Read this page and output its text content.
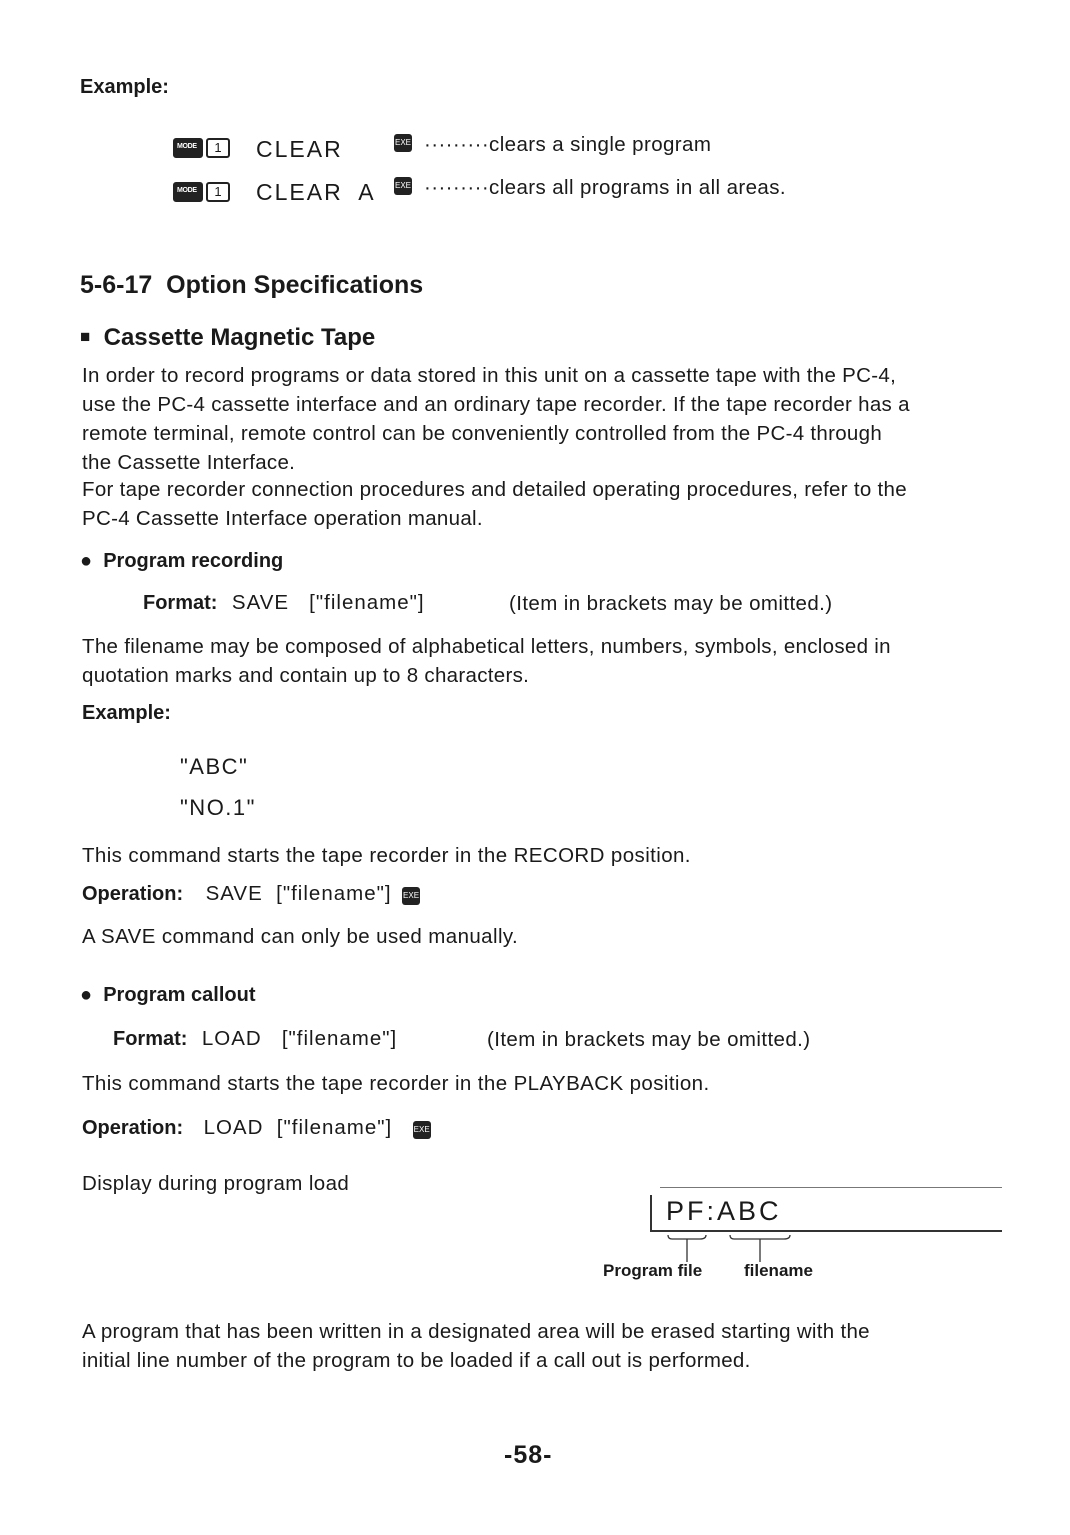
Example:
MODE1	CLEAR	EXE ·········clears a single program
MODE1	CLEAR  A EXE ·········clears all programs in all areas.
5-6-17 Option Specifications
■ Cassette Magnetic Tape
In order to record programs or data stored in this unit on a cassette tape with the PC-4,
use the PC-4 cassette interface and an ordinary tape recorder. If the tape recorder has a
remote terminal, remote control can be conveniently controlled from the PC-4 through
the Cassette Interface.
For tape recorder connection procedures and detailed operating procedures, refer to the
PC-4 Cassette Interface operation manual.
● Program recording
Format: SAVE   ["filename"]	(Item in brackets may be omitted.)
The filename may be composed of alphabetical letters, numbers, symbols, enclosed in
quotation marks and contain up to 8 characters.
Example:
"ABC"
"NO.1"
This command starts the tape recorder in the RECORD position.
Operation: SAVE  ["filename"] EXE
A SAVE command can only be used manually.
● Program callout
Format: LOAD   ["filename"]	(Item in brackets may be omitted.)
This command starts the tape recorder in the PLAYBACK position.
Operation: LOAD  ["filename"]	EXE
Display during program load
PF:ABC
Program file filename
A program that has been written in a designated area will be erased starting with the
initial line number of the program to be loaded if a call out is performed.
-58-
